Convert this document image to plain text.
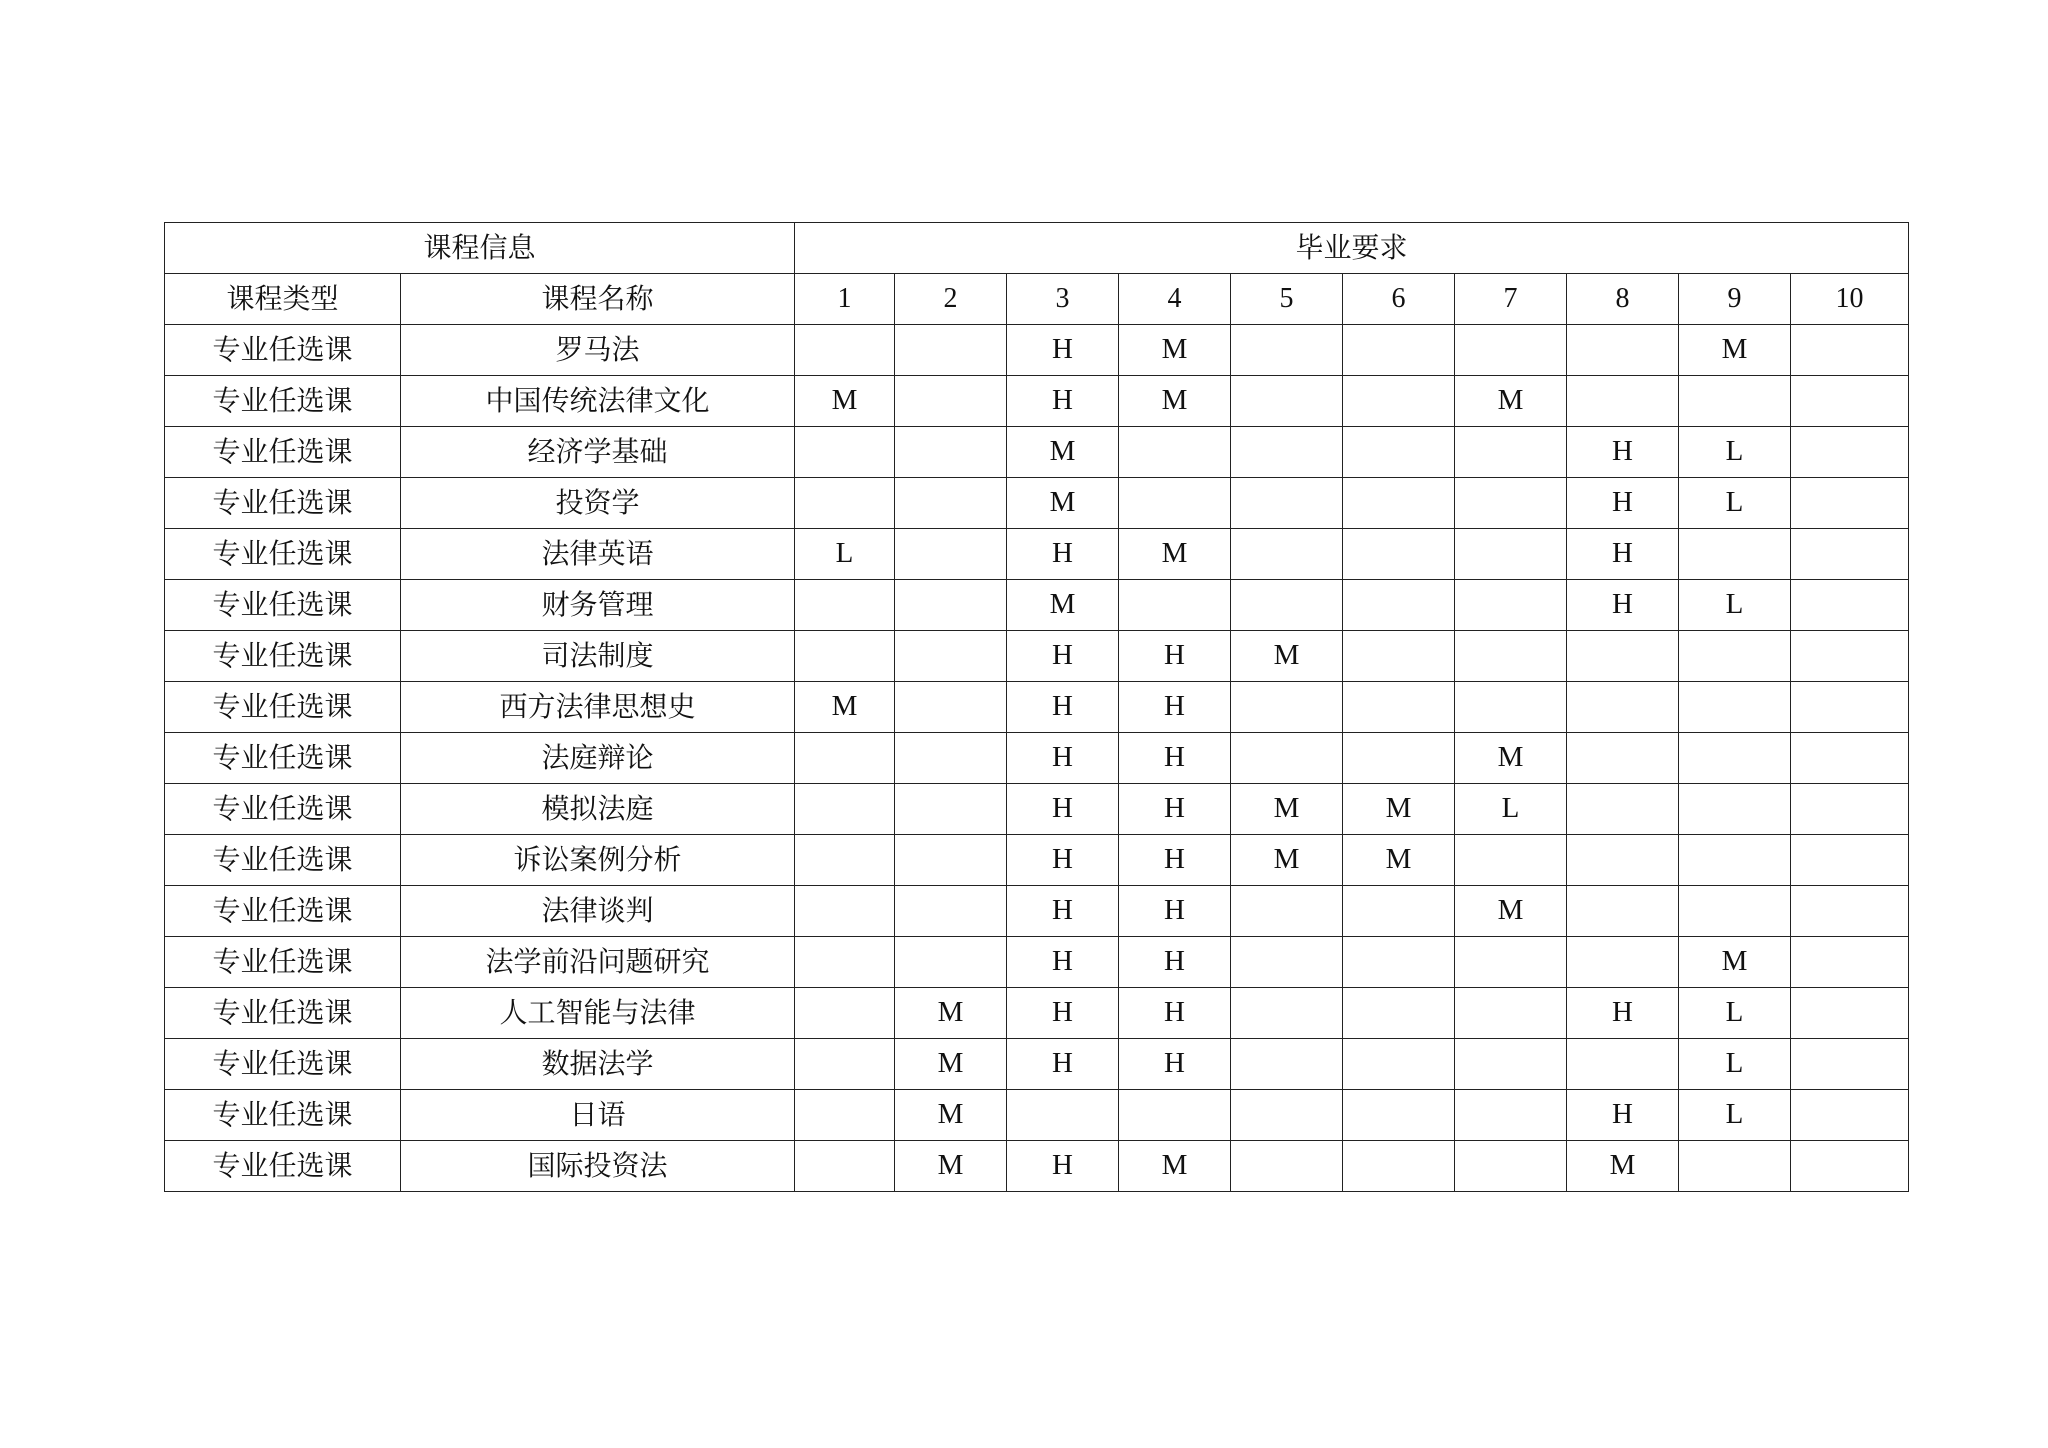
课程信息		毕业要求									
课程类型	课程名称	1	2	3	4	5	6	7	8	9	10
专业任选课	罗马法			H	M					M	
专业任选课	中国传统法律文化	M		H	M			M			
专业任选课	经济学基础			M					H	L	
专业任选课	投资学			M					H	L	
专业任选课	法律英语	L		H	M				H		
专业任选课	财务管理			M					H	L	
专业任选课	司法制度			H	H	M					
专业任选课	西方法律思想史	M		H	H						
专业任选课	法庭辩论			H	H			M			
专业任选课	模拟法庭			H	H	M	M	L			
专业任选课	诉讼案例分析			H	H	M	M				
专业任选课	法律谈判			H	H			M			
专业任选课	法学前沿问题研究			H	H					M	
专业任选课	人工智能与法律		M	H	H				H	L	
专业任选课	数据法学		M	H	H					L	
专业任选课	日语		M						H	L	
专业任选课	国际投资法		M	H	M				M		
